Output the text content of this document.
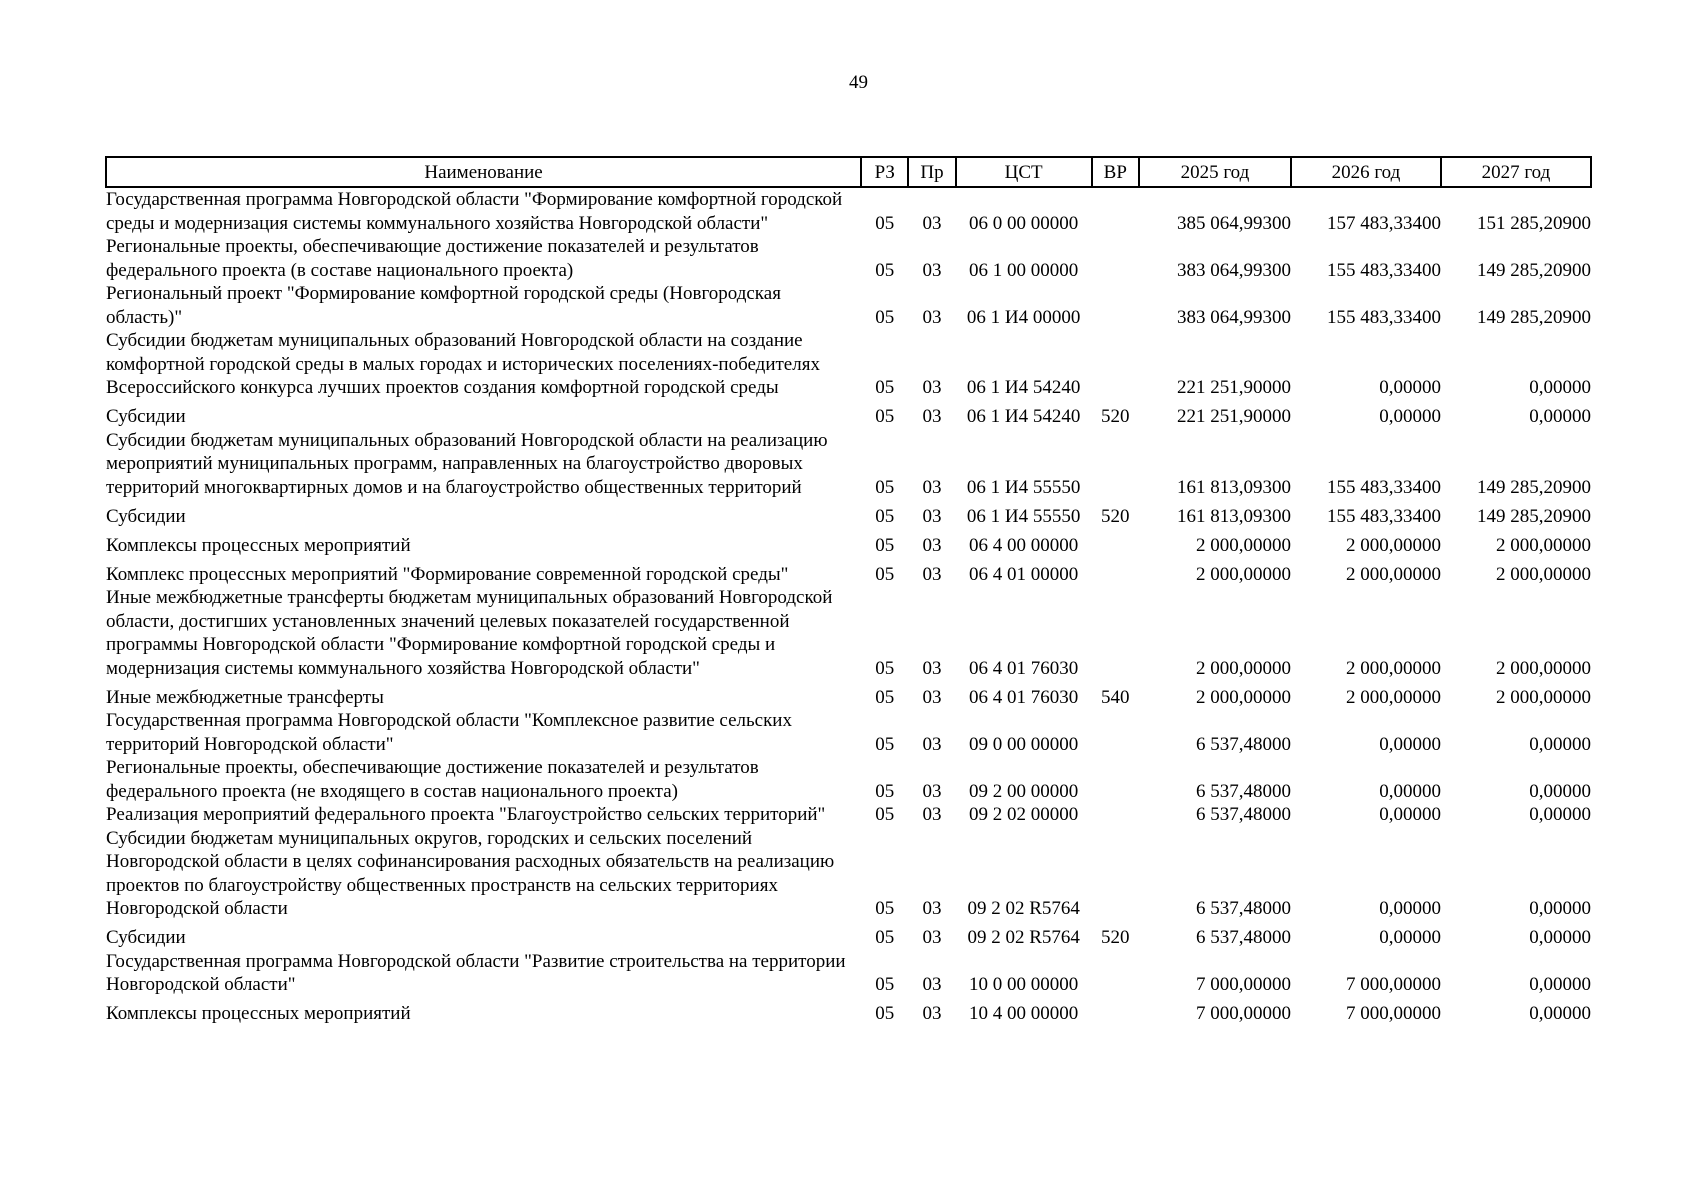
49
Наименование	РЗ	Пр	ЦСТ	ВР	2025 год	2026 год	2027 год
Государственная программа Новгородской области "Формирование комфортной городской среды и модернизация системы коммунального хозяйства Новгородской области"	05	03	06 0 00 00000		385 064,99300	157 483,33400	151 285,20900
Региональные проекты, обеспечивающие достижение показателей и результатов федерального проекта (в составе национального проекта)	05	03	06 1 00 00000		383 064,99300	155 483,33400	149 285,20900
Региональный проект "Формирование комфортной городской среды (Новгородская область)"	05	03	06 1 И4 00000		383 064,99300	155 483,33400	149 285,20900
Субсидии бюджетам муниципальных образований Новгородской области на создание комфортной городской среды в малых городах и исторических поселениях-победителях Всероссийского конкурса лучших проектов создания комфортной городской среды	05	03	06 1 И4 54240		221 251,90000	0,00000	0,00000
Субсидии	05	03	06 1 И4 54240	520	221 251,90000	0,00000	0,00000
Субсидии бюджетам муниципальных образований Новгородской области на реализацию мероприятий муниципальных программ, направленных на благоустройство дворовых территорий многоквартирных домов и на благоустройство общественных территорий	05	03	06 1 И4 55550		161 813,09300	155 483,33400	149 285,20900
Субсидии	05	03	06 1 И4 55550	520	161 813,09300	155 483,33400	149 285,20900
Комплексы процессных мероприятий	05	03	06 4 00 00000		2 000,00000	2 000,00000	2 000,00000
Комплекс процессных мероприятий "Формирование современной городской среды"	05	03	06 4 01 00000		2 000,00000	2 000,00000	2 000,00000
Иные межбюджетные трансферты бюджетам муниципальных образований Новгородской области, достигших установленных значений целевых показателей государственной программы Новгородской области "Формирование комфортной городской среды и модернизация системы коммунального хозяйства Новгородской области"	05	03	06 4 01 76030		2 000,00000	2 000,00000	2 000,00000
Иные межбюджетные трансферты	05	03	06 4 01 76030	540	2 000,00000	2 000,00000	2 000,00000
Государственная программа Новгородской области "Комплексное развитие сельских территорий Новгородской области"	05	03	09 0 00 00000		6 537,48000	0,00000	0,00000
Региональные проекты, обеспечивающие достижение показателей и результатов федерального проекта (не входящего в состав национального проекта)	05	03	09 2 00 00000		6 537,48000	0,00000	0,00000
Реализация мероприятий федерального проекта "Благоустройство сельских территорий"	05	03	09 2 02 00000		6 537,48000	0,00000	0,00000
Субсидии бюджетам муниципальных округов, городских и сельских поселений Новгородской области в целях софинансирования расходных обязательств на реализацию проектов по благоустройству общественных пространств на сельских территориях Новгородской области	05	03	09 2 02 R5764		6 537,48000	0,00000	0,00000
Субсидии	05	03	09 2 02 R5764	520	6 537,48000	0,00000	0,00000
Государственная программа Новгородской области "Развитие строительства на территории Новгородской области"	05	03	10 0 00 00000		7 000,00000	7 000,00000	0,00000
Комплексы процессных мероприятий	05	03	10 4 00 00000		7 000,00000	7 000,00000	0,00000
